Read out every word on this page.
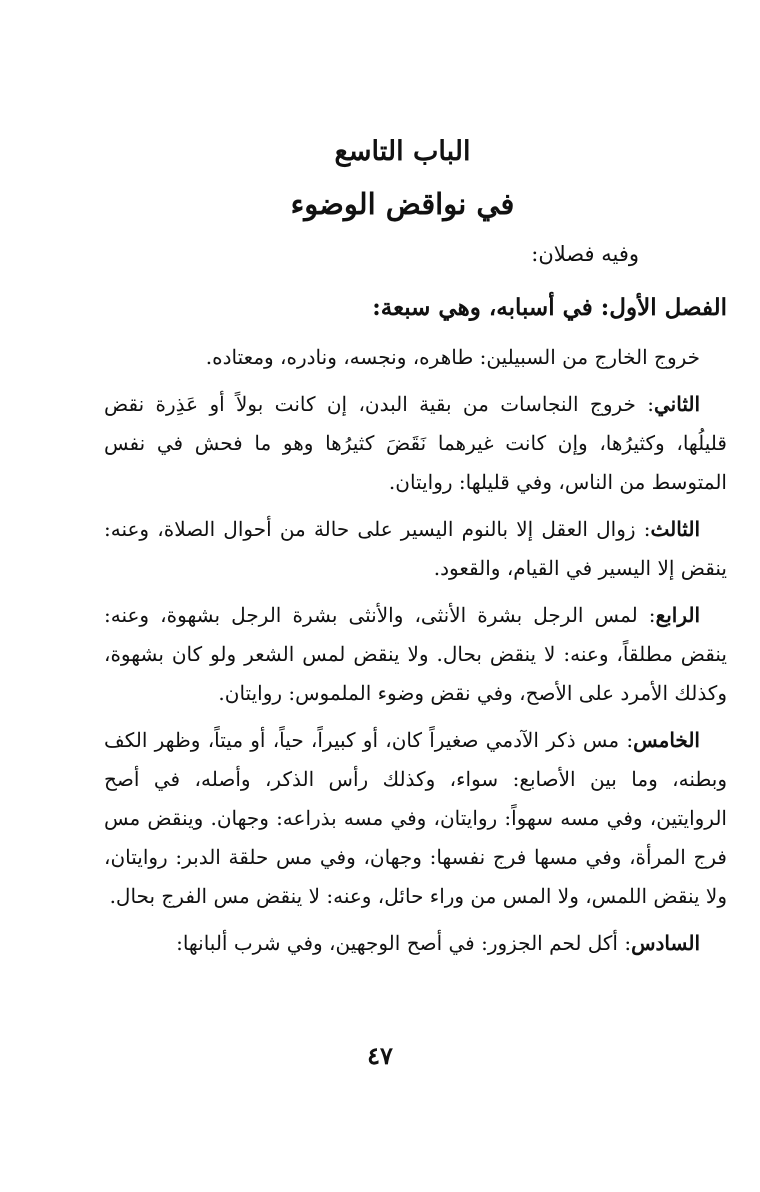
الباب التاسع
في نواقض الوضوء

وفيه فصلان:

الفصل الأول: في أسبابه، وهي سبعة:

خروج الخارج من السبيلين: طاهره، ونجسه، ونادره، ومعتاده.

الثاني: خروج النجاسات من بقية البدن، إن كانت بولاً أو عَذِرة نقض قليلُها، وكثيرُها، وإن كانت غيرهما نَقَضَ كثيرُها وهو ما فحش في نفس المتوسط من الناس، وفي قليلها: روايتان.

الثالث: زوال العقل إلا بالنوم اليسير على حالة من أحوال الصلاة، وعنه: ينقض إلا اليسير في القيام، والقعود.

الرابع: لمس الرجل بشرة الأنثى، والأنثى بشرة الرجل بشهوة، وعنه: ينقض مطلقاً، وعنه: لا ينقض بحال. ولا ينقض لمس الشعر ولو كان بشهوة، وكذلك الأمرد على الأصح، وفي نقض وضوء الملموس: روايتان.

الخامس: مس ذكر الآدمي صغيراً كان، أو كبيراً، حياً، أو ميتاً، وظهر الكف وبطنه، وما بين الأصابع: سواء، وكذلك رأس الذكر، وأصله، في أصح الروايتين، وفي مسه سهواً: روايتان، وفي مسه بذراعه: وجهان. وينقض مس فرج المرأة، وفي مسها فرج نفسها: وجهان، وفي مس حلقة الدبر: روايتان، ولا ينقض اللمس، ولا المس من وراء حائل، وعنه: لا ينقض مس الفرج بحال.

السادس: أكل لحم الجزور: في أصح الوجهين، وفي شرب ألبانها:

٤٧
